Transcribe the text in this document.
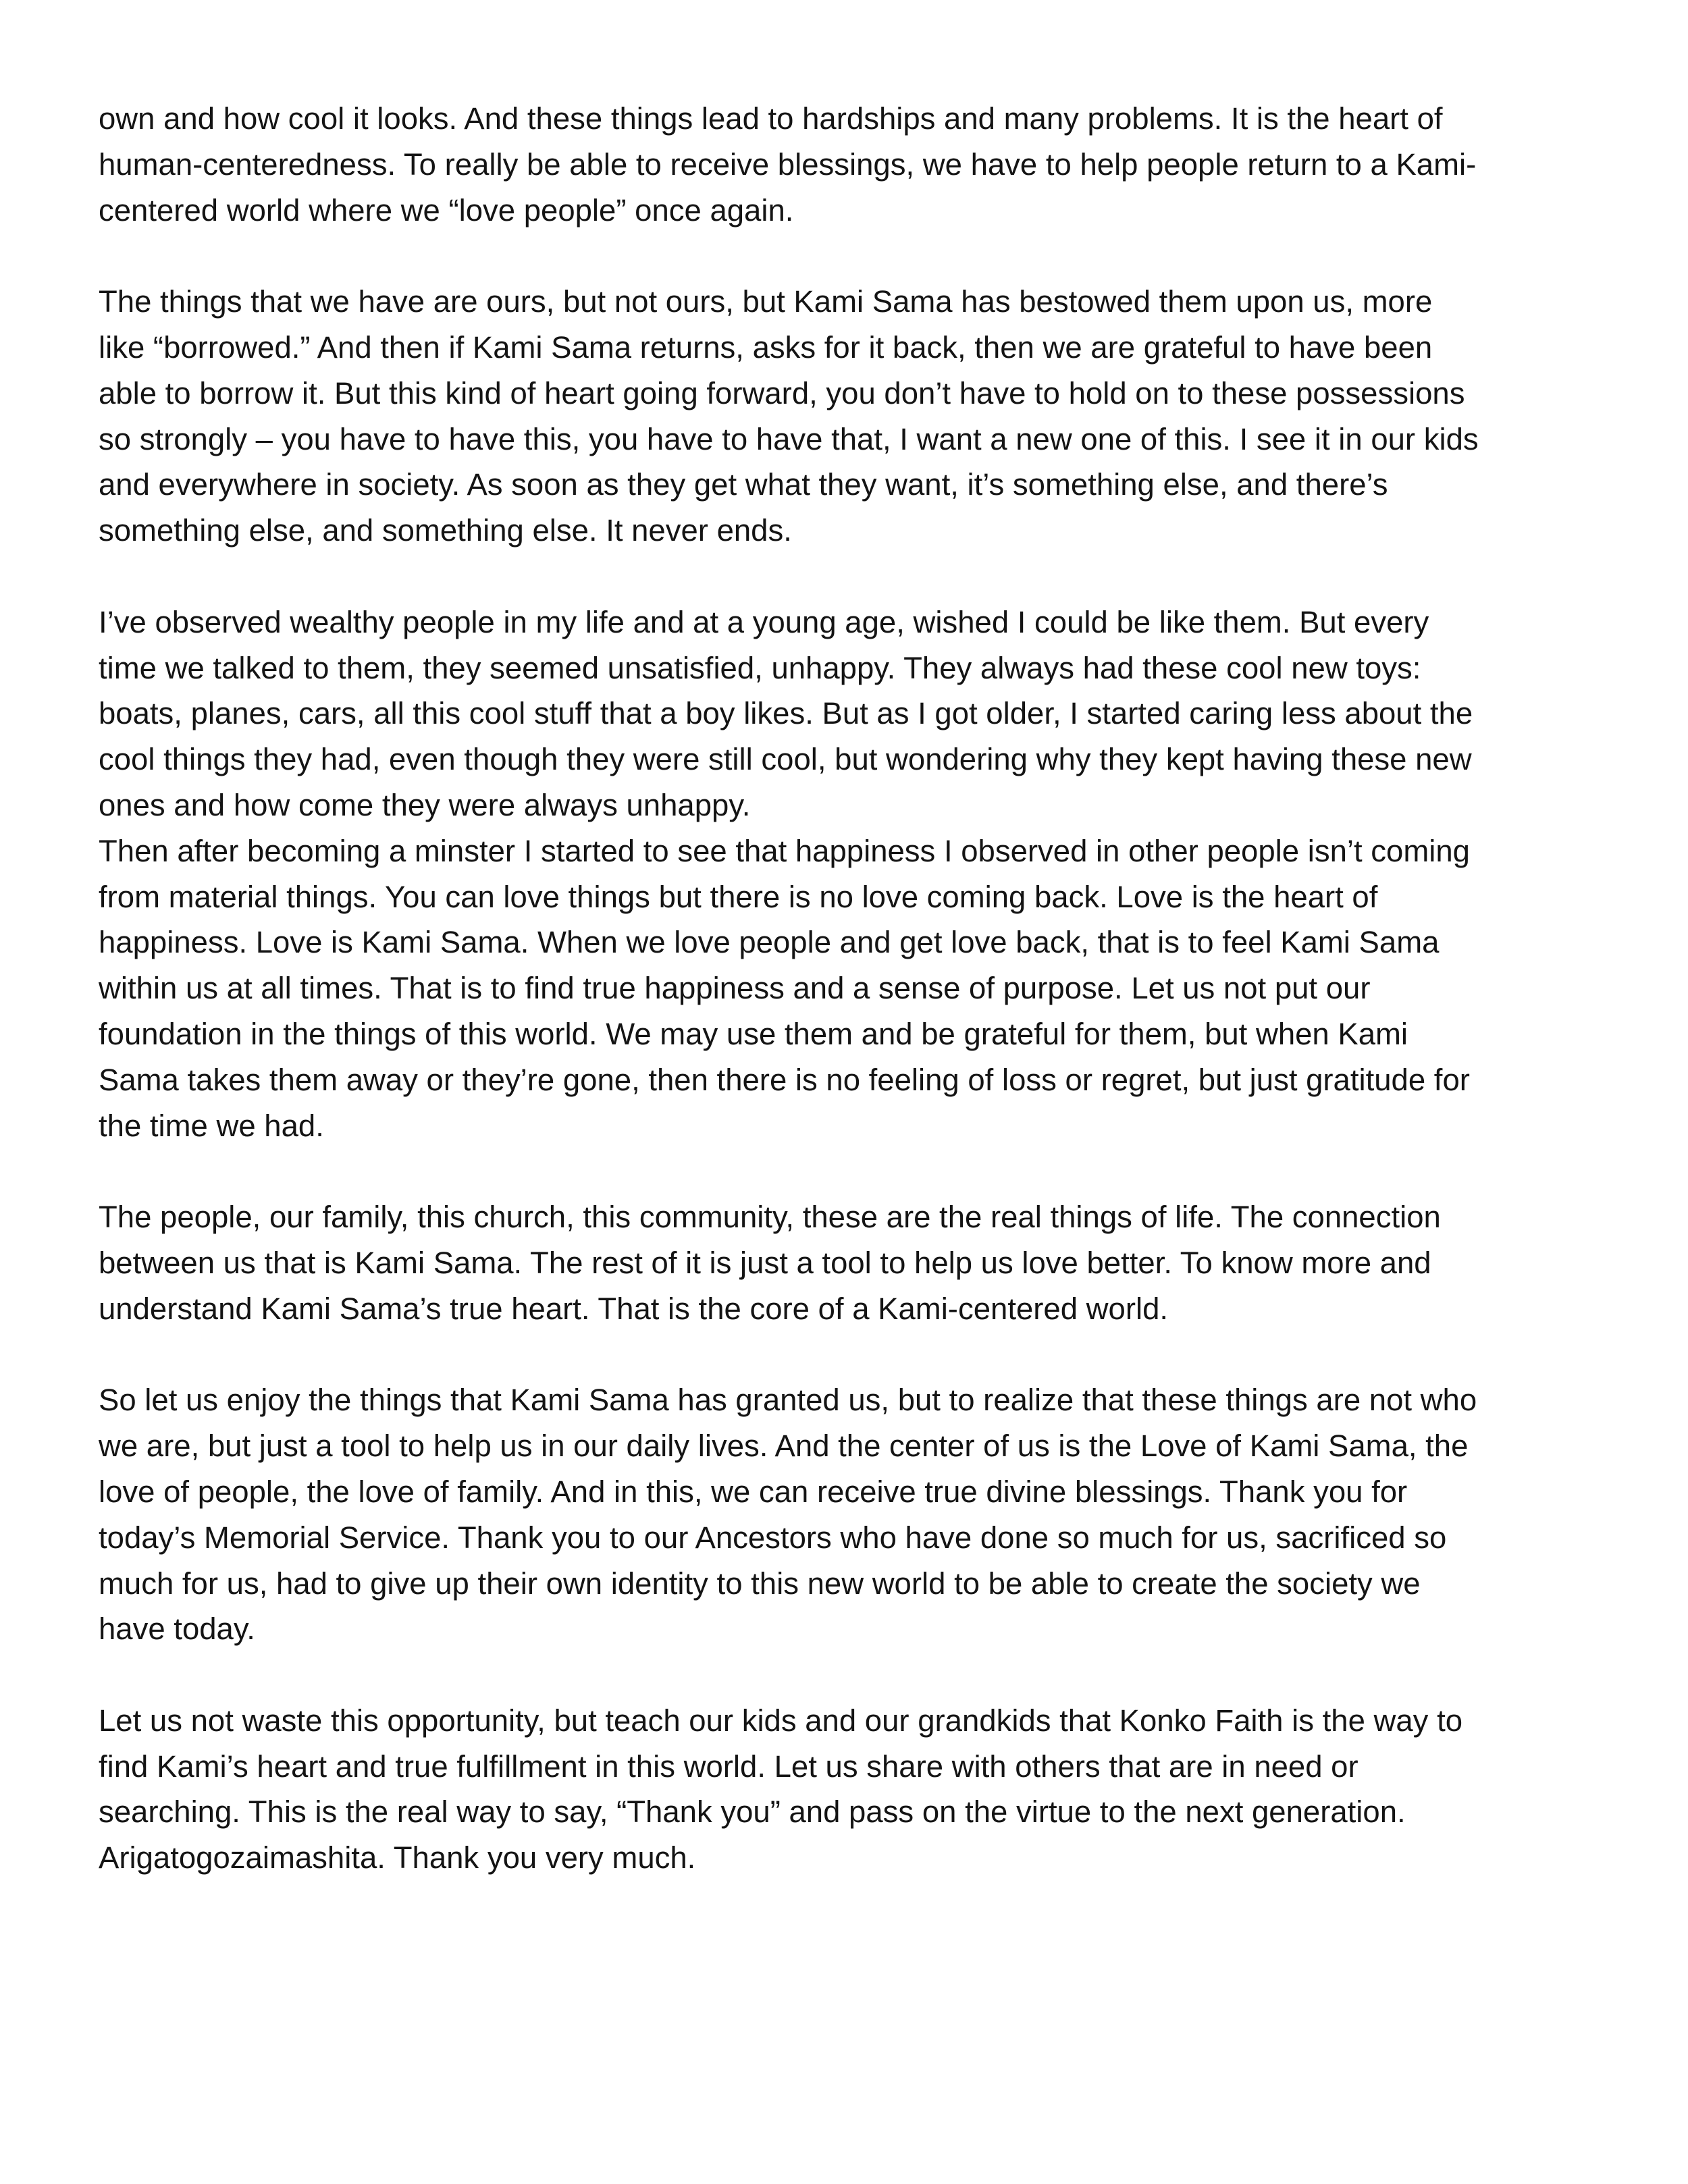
own and how cool it looks. And these things lead to hardships and many problems. It is the heart of
human-centeredness. To really be able to receive blessings, we have to help people return to a Kami-
centered world where we “love people” once again.

The things that we have are ours, but not ours, but Kami Sama has bestowed them upon us, more
like “borrowed.” And then if Kami Sama returns, asks for it back, then we are grateful to have been
able to borrow it. But this kind of heart going forward, you don’t have to hold on to these possessions
so strongly – you have to have this, you have to have that, I want a new one of this. I see it in our kids
and everywhere in society. As soon as they get what they want, it’s something else, and there’s
something else, and something else. It never ends.

I’ve observed wealthy people in my life and at a young age, wished I could be like them. But every
time we talked to them, they seemed unsatisfied, unhappy. They always had these cool new toys:
boats, planes, cars, all this cool stuff that a boy likes. But as I got older, I started caring less about the
cool things they had, even though they were still cool, but wondering why they kept having these new
ones and how come they were always unhappy.

Then after becoming a minster I started to see that happiness I observed in other people isn’t coming
from material things. You can love things but there is no love coming back. Love is the heart of
happiness. Love is Kami Sama. When we love people and get love back, that is to feel Kami Sama
within us at all times. That is to find true happiness and a sense of purpose. Let us not put our
foundation in the things of this world. We may use them and be grateful for them, but when Kami
Sama takes them away or they’re gone, then there is no feeling of loss or regret, but just gratitude for
the time we had.

The people, our family, this church, this community, these are the real things of life. The connection
between us that is Kami Sama. The rest of it is just a tool to help us love better. To know more and
understand Kami Sama’s true heart. That is the core of a Kami-centered world.

So let us enjoy the things that Kami Sama has granted us, but to realize that these things are not who
we are, but just a tool to help us in our daily lives. And the center of us is the Love of Kami Sama, the
love of people, the love of family. And in this, we can receive true divine blessings. Thank you for
today’s Memorial Service. Thank you to our Ancestors who have done so much for us, sacrificed so
much for us, had to give up their own identity to this new world to be able to create the society we
have today.

Let us not waste this opportunity, but teach our kids and our grandkids that Konko Faith is the way to
find Kami’s heart and true fulfillment in this world. Let us share with others that are in need or
searching. This is the real way to say, “Thank you” and pass on the virtue to the next generation.
Arigatogozaimashita. Thank you very much.
